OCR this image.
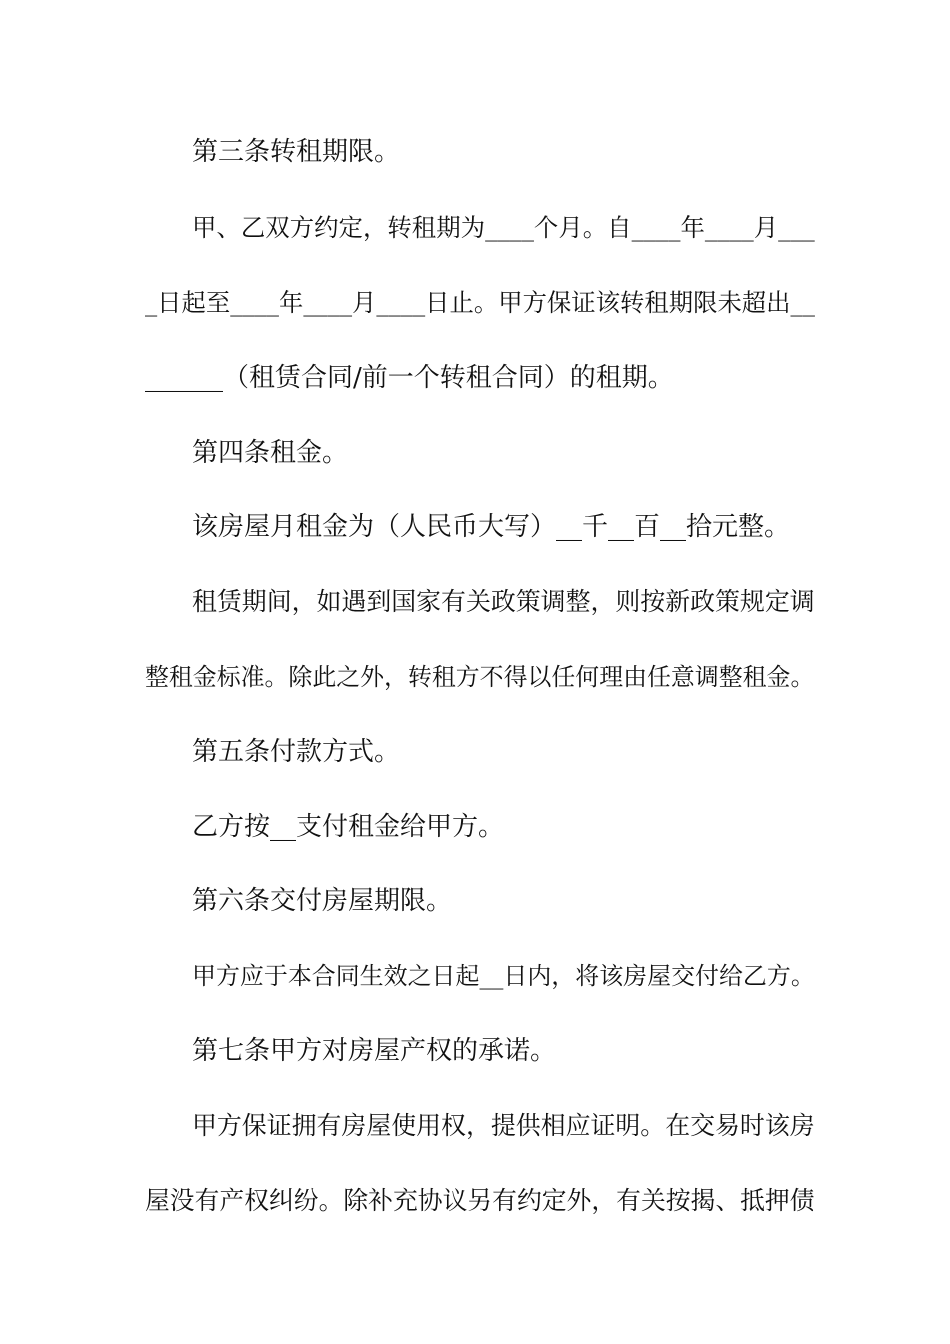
第三条转租期限。
甲、乙双方约定，转租期为____个月。自____年____月___
_日起至____年____月____日止。甲方保证该转租期限未超出__
______（租赁合同/前一个转租合同）的租期。
第四条租金。
该房屋月租金为（人民币大写）__千__百__拾元整。
租赁期间，如遇到国家有关政策调整，则按新政策规定调
整租金标准。除此之外，转租方不得以任何理由任意调整租金。
第五条付款方式。
乙方按__支付租金给甲方。
第六条交付房屋期限。
甲方应于本合同生效之日起__日内，将该房屋交付给乙方。
第七条甲方对房屋产权的承诺。
甲方保证拥有房屋使用权，提供相应证明。在交易时该房
屋没有产权纠纷。除补充协议另有约定外，有关按揭、抵押债
